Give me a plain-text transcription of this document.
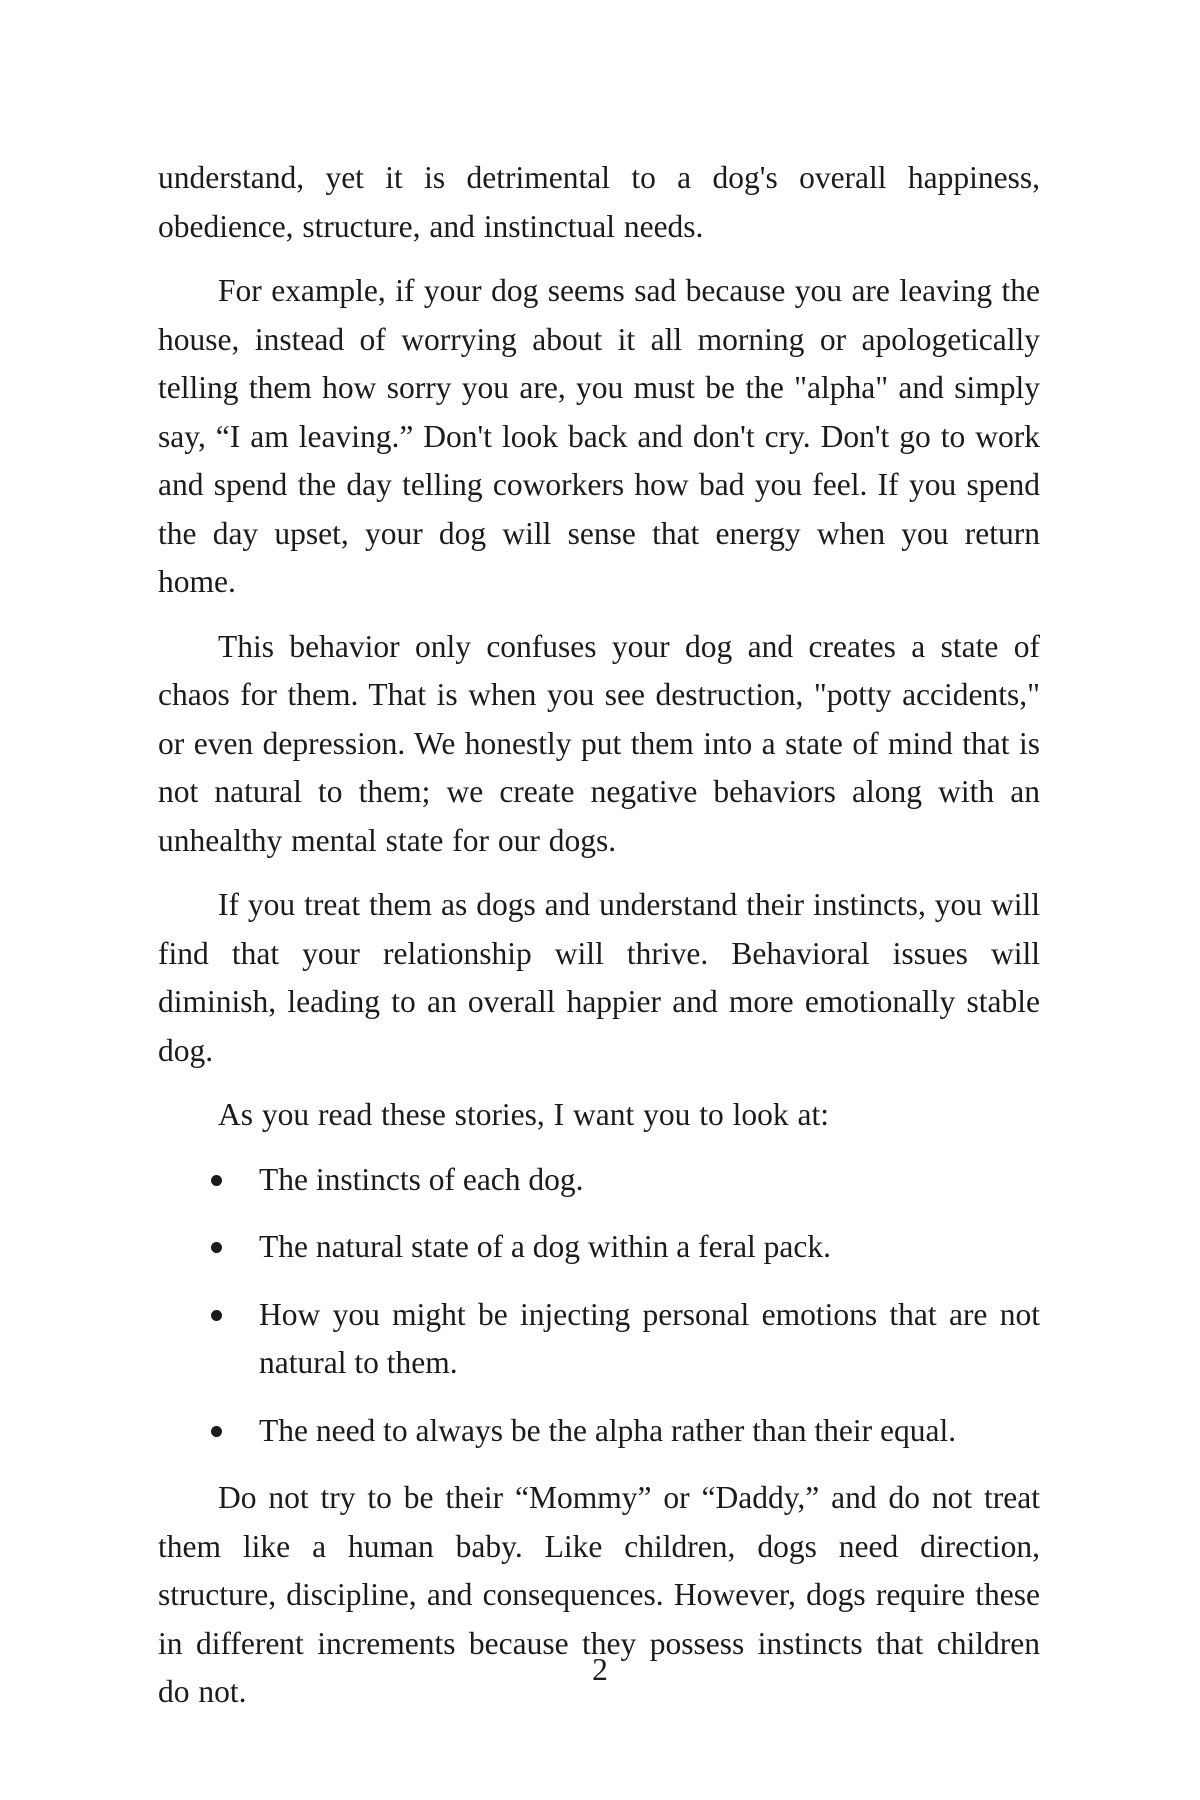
understand, yet it is detrimental to a dog's overall happiness, obedience, structure, and instinctual needs.

For example, if your dog seems sad because you are leaving the house, instead of worrying about it all morning or apologetically telling them how sorry you are, you must be the "alpha" and simply say, “I am leaving.” Don't look back and don't cry. Don't go to work and spend the day telling coworkers how bad you feel. If you spend the day upset, your dog will sense that energy when you return home.

This behavior only confuses your dog and creates a state of chaos for them. That is when you see destruction, "potty accidents," or even depression. We honestly put them into a state of mind that is not natural to them; we create negative behaviors along with an unhealthy mental state for our dogs.

If you treat them as dogs and understand their instincts, you will find that your relationship will thrive. Behavioral issues will diminish, leading to an overall happier and more emotionally stable dog.

As you read these stories, I want you to look at:

The instincts of each dog.
The natural state of a dog within a feral pack.
How you might be injecting personal emotions that are not natural to them.
The need to always be the alpha rather than their equal.

Do not try to be their “Mommy” or “Daddy,” and do not treat them like a human baby. Like children, dogs need direction, structure, discipline, and consequences. However, dogs require these in different increments because they possess instincts that children do not.

2
